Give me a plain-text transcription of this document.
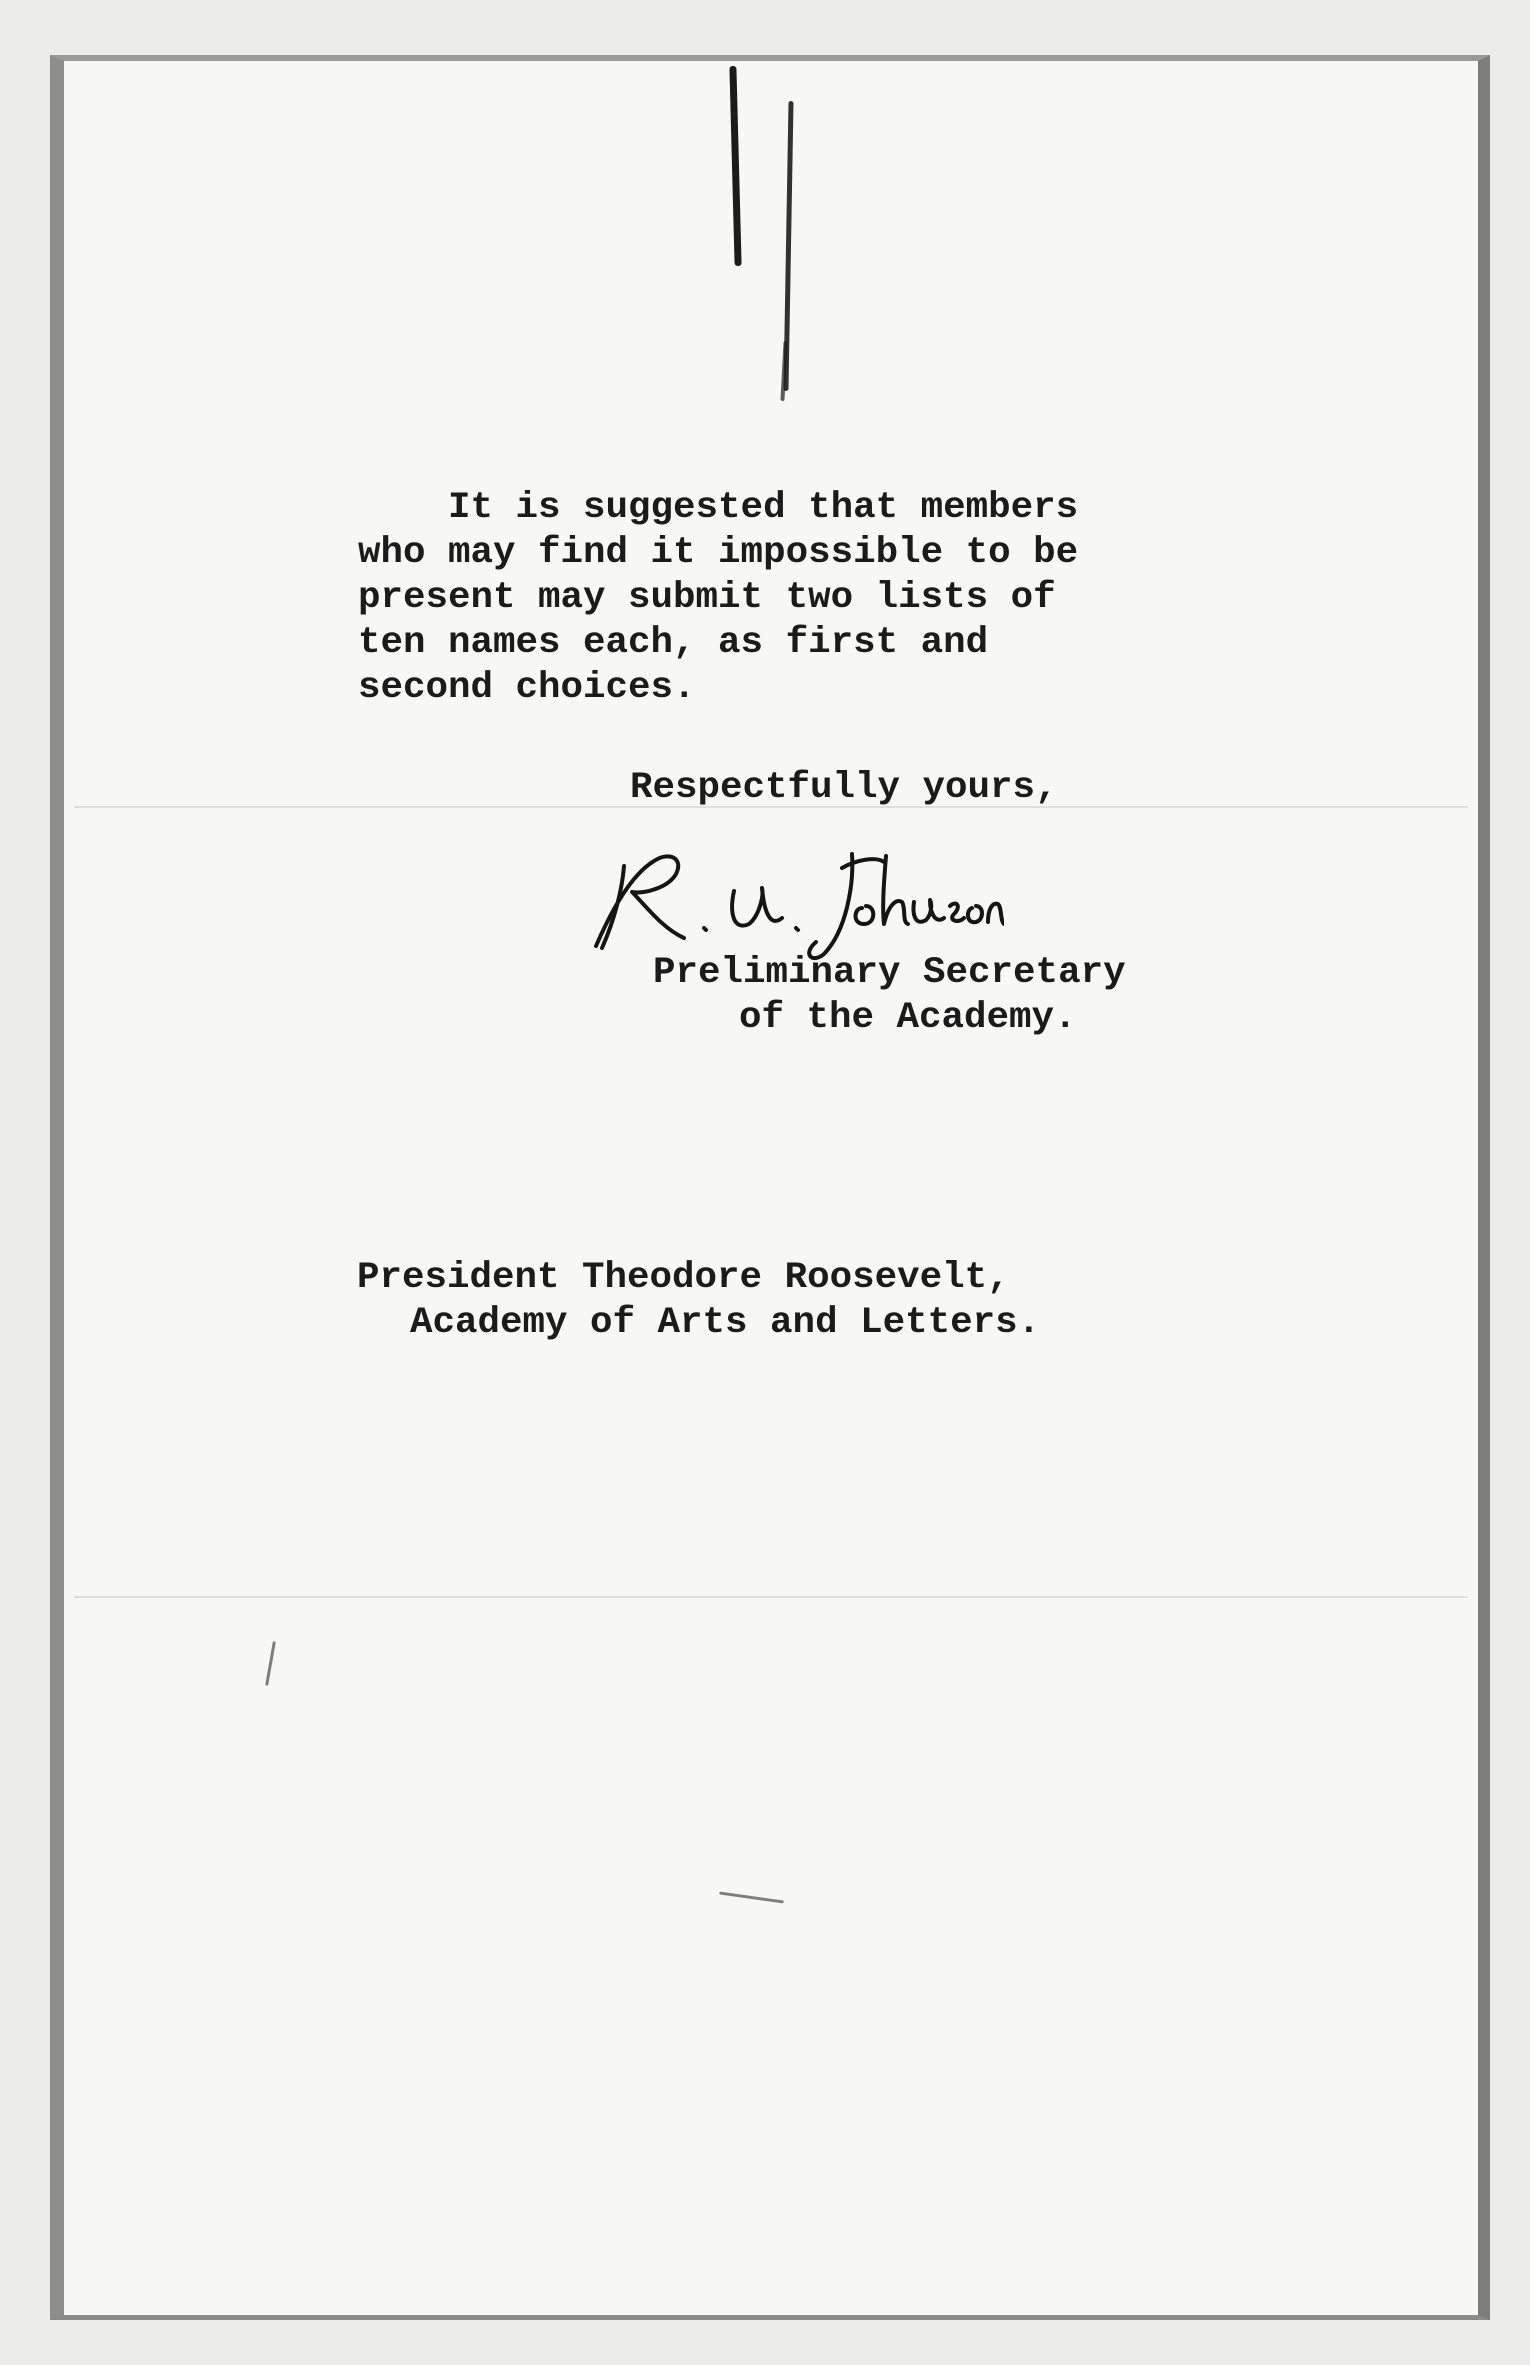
It is suggested that members
who may find it impossible to be
present may submit two lists of
ten names each, as first and
second choices.
Respectfully yours,
Preliminary Secretary
of the Academy.
President Theodore Roosevelt,
Academy of Arts and Letters.
